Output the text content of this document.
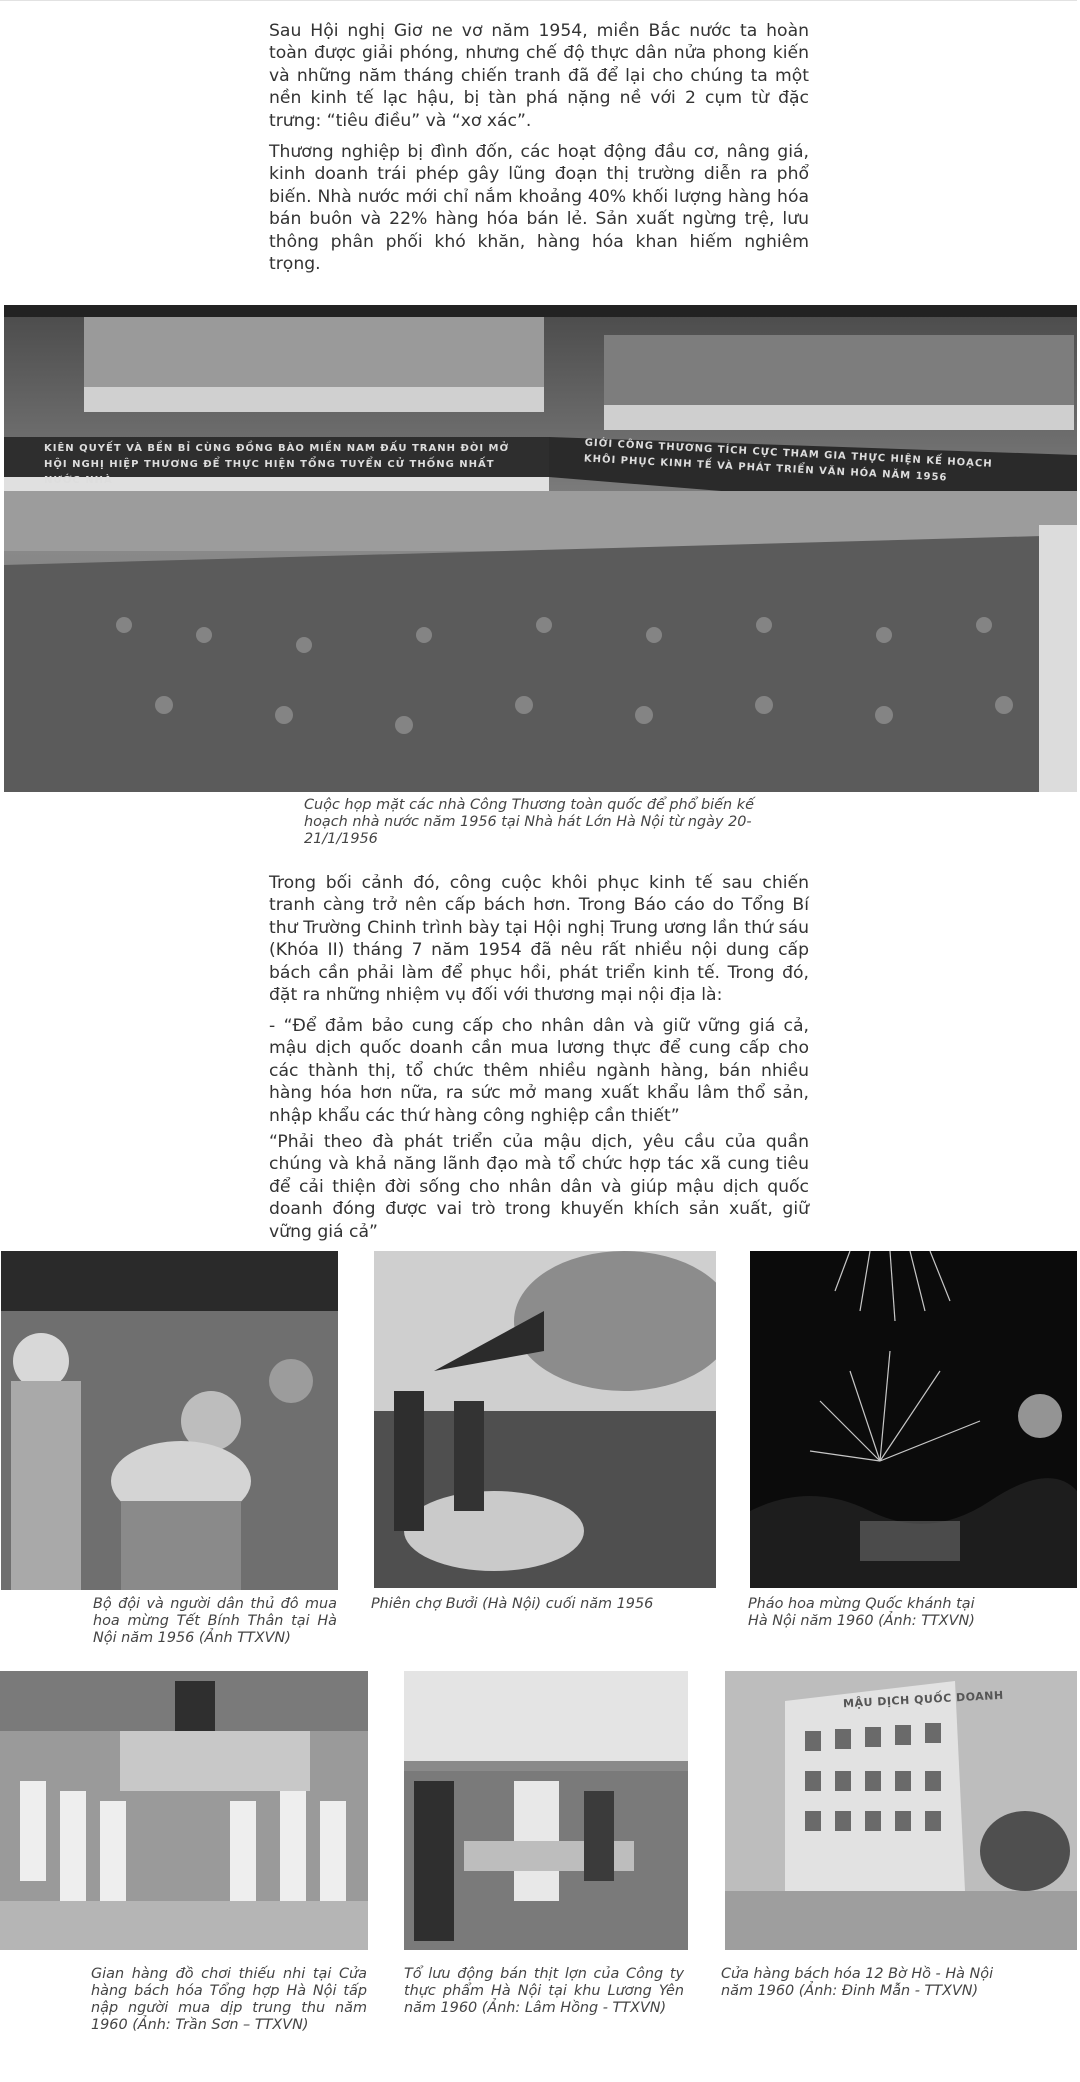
Sau Hội nghị Giơ ne vơ năm 1954, miền Bắc nước ta hoàn toàn được giải phóng, nhưng chế độ thực dân nửa phong kiến và những năm tháng chiến tranh đã để lại cho chúng ta một nền kinh tế lạc hậu, bị tàn phá nặng nề với 2 cụm từ đặc trưng: “tiêu điều” và “xơ xác”.

Thương nghiệp bị đình đốn, các hoạt động đầu cơ, nâng giá, kinh doanh trái phép gây lũng đoạn thị trường diễn ra phổ biến. Nhà nước mới chỉ nắm khoảng 40% khối lượng hàng hóa bán buôn và 22% hàng hóa bán lẻ. Sản xuất ngừng trệ, lưu thông phân phối khó khăn, hàng hóa khan hiếm nghiêm trọng.

KIÊN QUYẾT VÀ BỀN BỈ CÙNG ĐỒNG BÀO MIỀN NAM ĐẤU TRANH ĐÒI MỞ HỘI NGHỊ HIỆP THƯƠNG ĐỂ THỰC HIỆN TỔNG TUYỂN CỬ THỐNG NHẤT NƯỚC NHÀ
GIỚI CÔNG THƯƠNG TÍCH CỰC THAM GIA THỰC HIỆN KẾ HOẠCH KHÔI PHỤC KINH TẾ VÀ PHÁT TRIỂN VĂN HÓA NĂM 1956

Cuộc họp mặt các nhà Công Thương toàn quốc để phổ biến kế hoạch nhà nước năm 1956 tại Nhà hát Lớn Hà Nội từ ngày 20-21/1/1956

Trong bối cảnh đó, công cuộc khôi phục kinh tế sau chiến tranh càng trở nên cấp bách hơn. Trong Báo cáo do Tổng Bí thư Trường Chinh trình bày tại Hội nghị Trung ương lần thứ sáu (Khóa II) tháng 7 năm 1954 đã nêu rất nhiều nội dung cấp bách cần phải làm để phục hồi, phát triển kinh tế. Trong đó, đặt ra những nhiệm vụ đối với thương mại nội địa là:

- “Để đảm bảo cung cấp cho nhân dân và giữ vững giá cả, mậu dịch quốc doanh cần mua lương thực để cung cấp cho các thành thị, tổ chức thêm nhiều ngành hàng, bán nhiều hàng hóa hơn nữa, ra sức mở mang xuất khẩu lâm thổ sản, nhập khẩu các thứ hàng công nghiệp cần thiết”

“Phải theo đà phát triển của mậu dịch, yêu cầu của quần chúng và khả năng lãnh đạo mà tổ chức hợp tác xã cung tiêu để cải thiện đời sống cho nhân dân và giúp mậu dịch quốc doanh đóng được vai trò trong khuyến khích sản xuất, giữ vững giá cả”

Bộ đội và người dân thủ đô mua hoa mừng Tết Bính Thân tại Hà Nội năm 1956 (Ảnh TTXVN)

Phiên chợ Bưởi (Hà Nội) cuối năm 1956	Pháo hoa mừng Quốc khánh tại Hà Nội năm 1960 (Ảnh: TTXVN)

MẬU DỊCH QUỐC DOANH

Gian hàng đồ chơi thiếu nhi tại Cửa hàng bách hóa Tổng hợp Hà Nội tấp nập người mua dịp trung thu năm 1960 (Ảnh: Trần Sơn – TTXVN)

Tổ lưu động bán thịt lợn của Công ty thực phẩm Hà Nội tại khu Lương Yên năm 1960 (Ảnh: Lâm Hồng - TTXVN)

Cửa hàng bách hóa 12 Bờ Hồ - Hà Nội năm 1960 (Ảnh: Đinh Mẫn - TTXVN)
